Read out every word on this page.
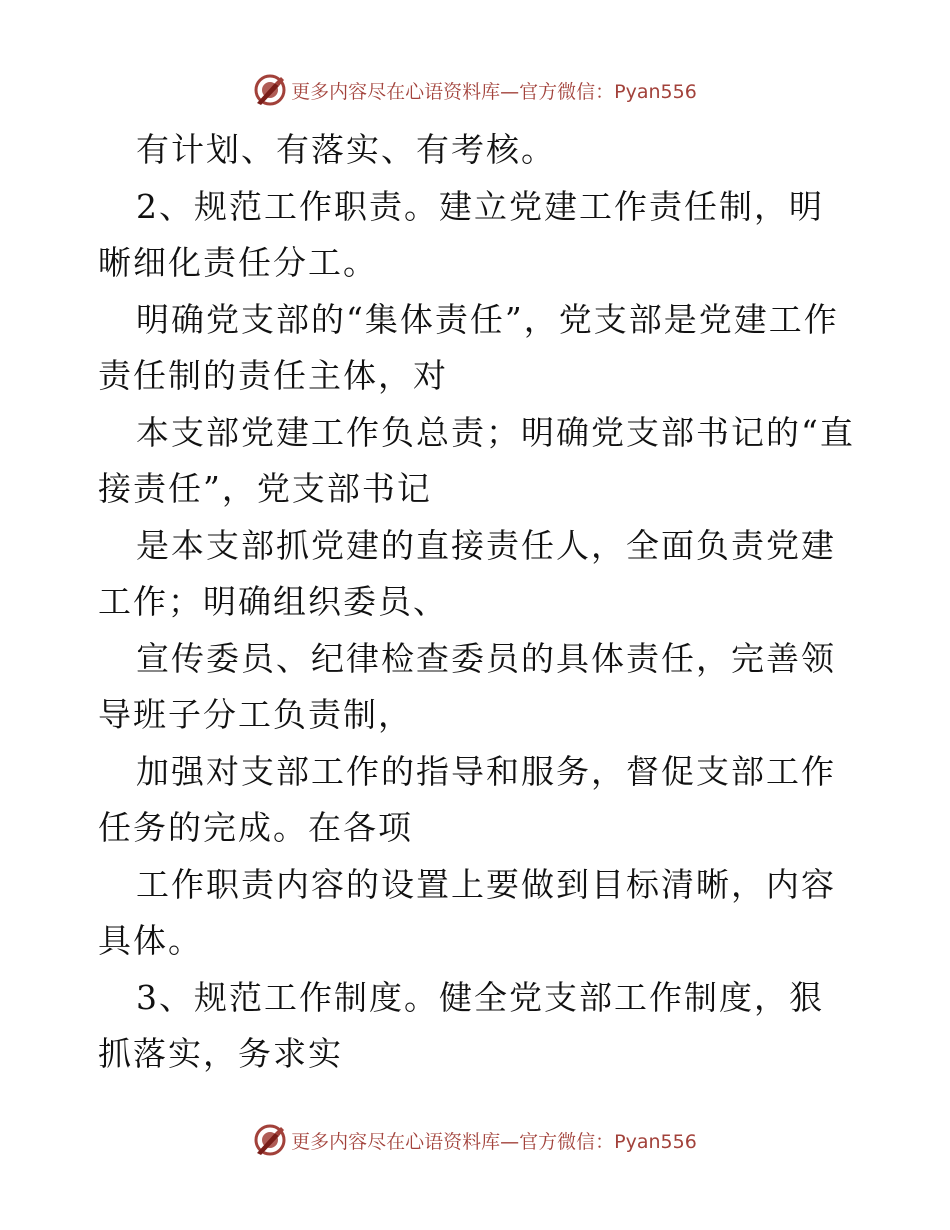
更多内容尽在心语资料库—官方微信：Pyan556

有计划、有落实、有考核。

2、规范工作职责。建立党建工作责任制，明晰细化责任分工。

明确党支部的“集体责任”，党支部是党建工作责任制的责任主体，对

本支部党建工作负总责；明确党支部书记的“直接责任”，党支部书记

是本支部抓党建的直接责任人，全面负责党建工作；明确组织委员、

宣传委员、纪律检查委员的具体责任，完善领导班子分工负责制，

加强对支部工作的指导和服务，督促支部工作任务的完成。在各项

工作职责内容的设置上要做到目标清晰，内容具体。

3、规范工作制度。健全党支部工作制度，狠抓落实，务求实

更多内容尽在心语资料库—官方微信：Pyan556
